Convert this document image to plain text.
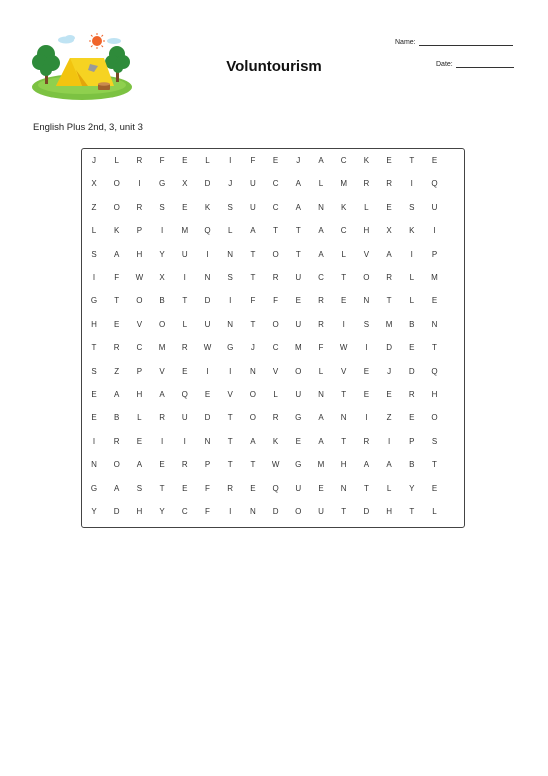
Voluntourism
Name:
Date:
English Plus 2nd, 3, unit 3
J	L	R	F	E	L	I	F	E	J	A	C	K	E	T	E
X	O	I	G	X	D	J	U	C	A	L	M	R	R	I	Q
Z	O	R	S	E	K	S	U	C	A	N	K	L	E	S	U
L	K	P	I	M	Q	L	A	T	T	A	C	H	X	K	I
S	A	H	Y	U	I	N	T	O	T	A	L	V	A	I	P
I	F	W	X	I	N	S	T	R	U	C	T	O	R	L	M
G	T	O	B	T	D	I	F	F	E	R	E	N	T	L	E
H	E	V	O	L	U	N	T	O	U	R	I	S	M	B	N
T	R	C	M	R	W	G	J	C	M	F	W	I	D	E	T
S	Z	P	V	E	I	I	N	V	O	L	V	E	J	D	Q
E	A	H	A	Q	E	V	O	L	U	N	T	E	E	R	H
E	B	L	R	U	D	T	O	R	G	A	N	I	Z	E	O
I	R	E	I	I	N	T	A	K	E	A	T	R	I	P	S
N	O	A	E	R	P	T	T	W	G	M	H	A	A	B	T
G	A	S	T	E	F	R	E	Q	U	E	N	T	L	Y	E
Y	D	H	Y	C	F	I	N	D	O	U	T	D	H	T	L
